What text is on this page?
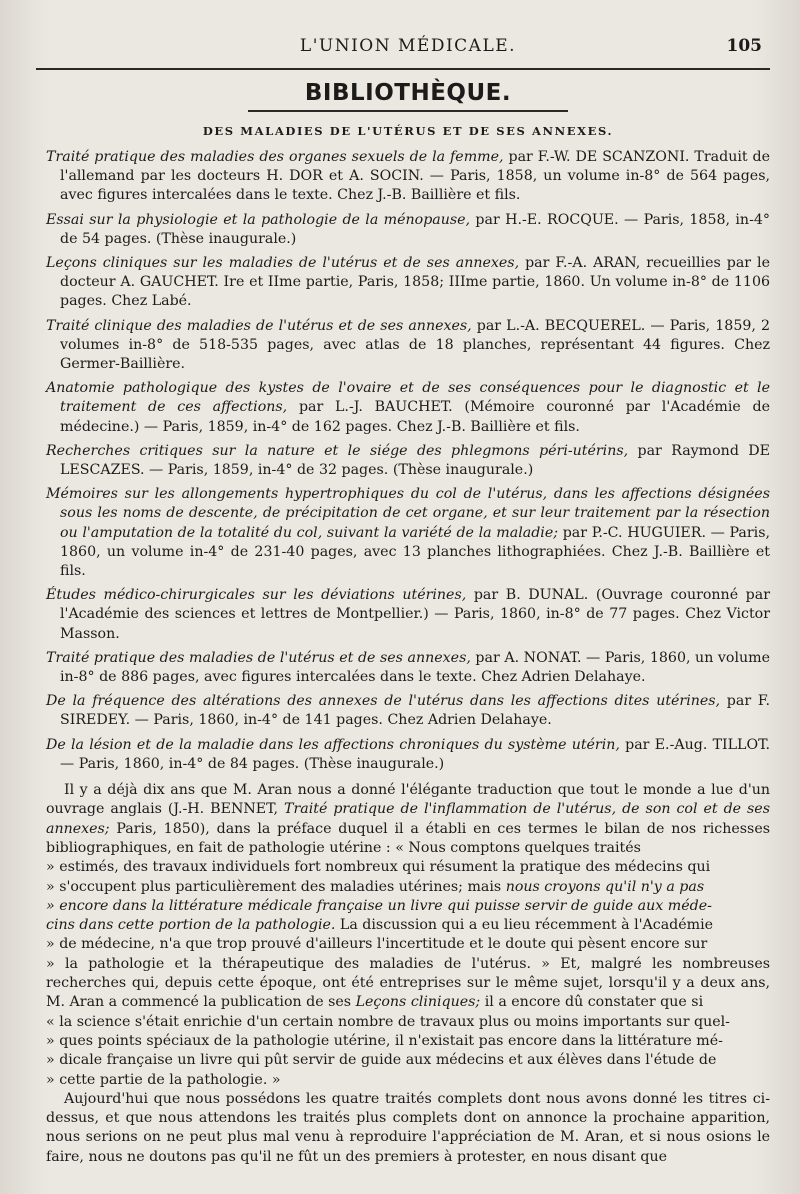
L'UNION MÉDICALE.	105
BIBLIOTHÈQUE.
DES MALADIES DE L'UTÉRUS ET DE SES ANNEXES.
Traité pratique des maladies des organes sexuels de la femme, par F.-W. DE SCANZONI. Traduit de l'allemand par les docteurs H. DOR et A. SOCIN. — Paris, 1858, un volume in-8° de 564 pages, avec figures intercalées dans le texte. Chez J.-B. Baillière et fils.
Essai sur la physiologie et la pathologie de la ménopause, par H.-E. ROCQUE. — Paris, 1858, in-4° de 54 pages. (Thèse inaugurale.)
Leçons cliniques sur les maladies de l'utérus et de ses annexes, par F.-A. ARAN, recueillies par le docteur A. GAUCHET. Ire et IIme partie, Paris, 1858; IIIme partie, 1860. Un volume in-8° de 1106 pages. Chez Labé.
Traité clinique des maladies de l'utérus et de ses annexes, par L.-A. BECQUEREL. — Paris, 1859, 2 volumes in-8° de 518-535 pages, avec atlas de 18 planches, représentant 44 figures. Chez Germer-Baillière.
Anatomie pathologique des kystes de l'ovaire et de ses conséquences pour le diagnostic et le traitement de ces affections, par L.-J. BAUCHET. (Mémoire couronné par l'Académie de médecine.) — Paris, 1859, in-4° de 162 pages. Chez J.-B. Baillière et fils.
Recherches critiques sur la nature et le siége des phlegmons péri-utérins, par Raymond DE LESCAZES. — Paris, 1859, in-4° de 32 pages. (Thèse inaugurale.)
Mémoires sur les allongements hypertrophiques du col de l'utérus, dans les affections désignées sous les noms de descente, de précipitation de cet organe, et sur leur traitement par la résection ou l'amputation de la totalité du col, suivant la variété de la maladie; par P.-C. HUGUIER. — Paris, 1860, un volume in-4° de 231-40 pages, avec 13 planches lithographiées. Chez J.-B. Baillière et fils.
Études médico-chirurgicales sur les déviations utérines, par B. DUNAL. (Ouvrage couronné par l'Académie des sciences et lettres de Montpellier.) — Paris, 1860, in-8° de 77 pages. Chez Victor Masson.
Traité pratique des maladies de l'utérus et de ses annexes, par A. NONAT. — Paris, 1860, un volume in-8° de 886 pages, avec figures intercalées dans le texte. Chez Adrien Delahaye.
De la fréquence des altérations des annexes de l'utérus dans les affections dites utérines, par F. SIREDEY. — Paris, 1860, in-4° de 141 pages. Chez Adrien Delahaye.
De la lésion et de la maladie dans les affections chroniques du système utérin, par E.-Aug. TILLOT. — Paris, 1860, in-4° de 84 pages. (Thèse inaugurale.)

Il y a déjà dix ans que M. Aran nous a donné l'élégante traduction que tout le monde a lue d'un ouvrage anglais (J.-H. BENNET, Traité pratique de l'inflammation de l'utérus, de son col et de ses annexes; Paris, 1850), dans la préface duquel il a établi en ces termes le bilan de nos richesses bibliographiques, en fait de pathologie utérine : « Nous comptons quelques traités
» estimés, des travaux individuels fort nombreux qui résument la pratique des médecins qui
» s'occupent plus particulièrement des maladies utérines; mais nous croyons qu'il n'y a pas
» encore dans la littérature médicale française un livre qui puisse servir de guide aux méde-
cins dans cette portion de la pathologie. La discussion qui a eu lieu récemment à l'Académie
» de médecine, n'a que trop prouvé d'ailleurs l'incertitude et le doute qui pèsent encore sur
» la pathologie et la thérapeutique des maladies de l'utérus. » Et, malgré les nombreuses recherches qui, depuis cette époque, ont été entreprises sur le même sujet, lorsqu'il y a deux ans, M. Aran a commencé la publication de ses Leçons cliniques; il a encore dû constater que si
« la science s'était enrichie d'un certain nombre de travaux plus ou moins importants sur quel-
» ques points spéciaux de la pathologie utérine, il n'existait pas encore dans la littérature mé-
» dicale française un livre qui pût servir de guide aux médecins et aux élèves dans l'étude de
» cette partie de la pathologie. »

Aujourd'hui que nous possédons les quatre traités complets dont nous avons donné les titres ci-dessus, et que nous attendons les traités plus complets dont on annonce la prochaine apparition, nous serions on ne peut plus mal venu à reproduire l'appréciation de M. Aran, et si nous osions le faire, nous ne doutons pas qu'il ne fût un des premiers à protester, en nous disant que
